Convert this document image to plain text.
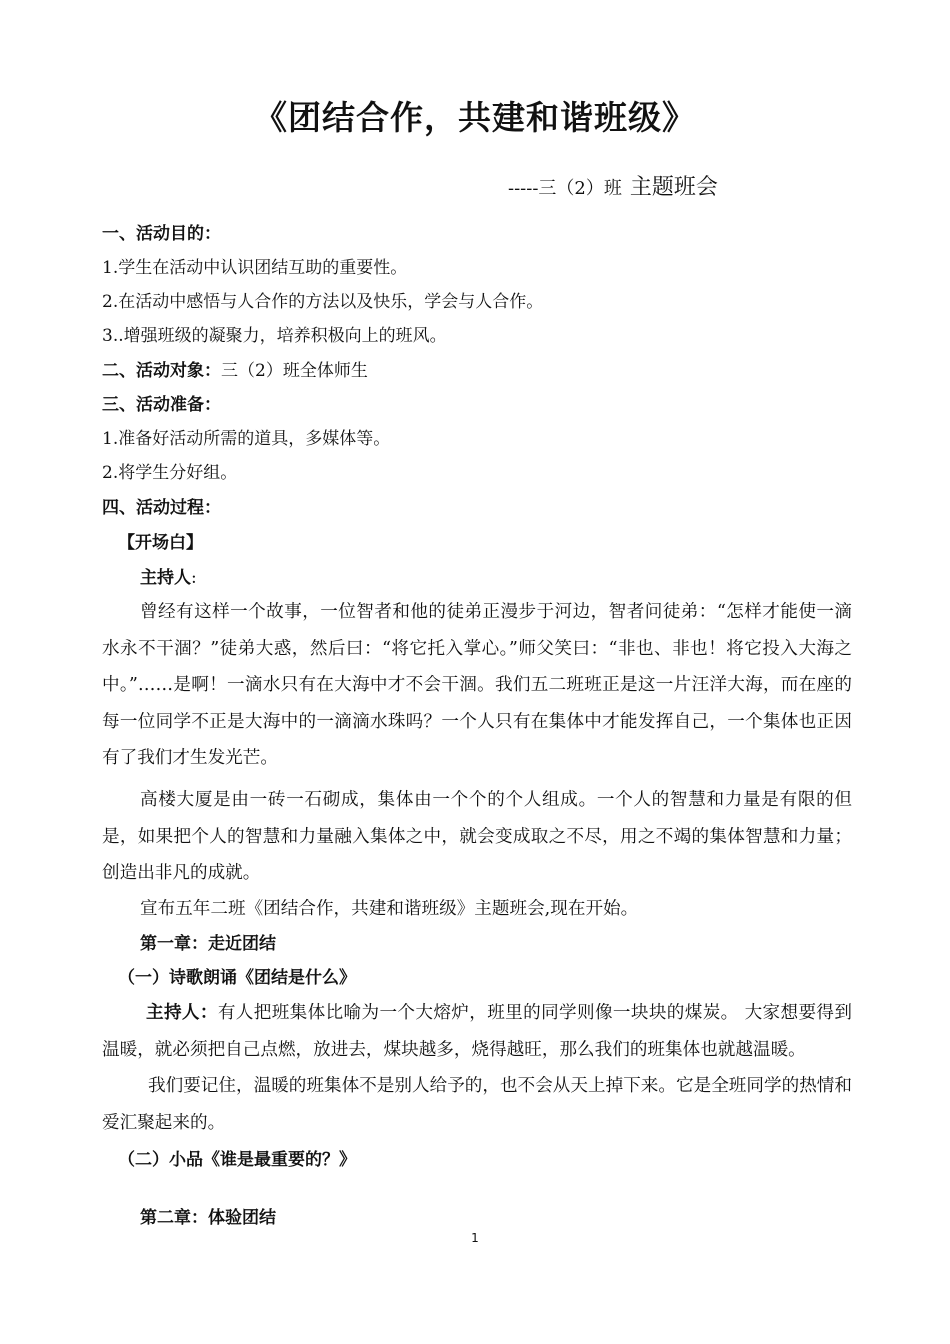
《团结合作，共建和谐班级》
-----三（2）班 主题班会
一、活动目的：
1.学生在活动中认识团结互助的重要性。
2.在活动中感悟与人合作的方法以及快乐，学会与人合作。
3..增强班级的凝聚力，培养积极向上的班风。
二、活动对象：三（2）班全体师生
三、活动准备：
1.准备好活动所需的道具，多媒体等。
2.将学生分好组。
四、活动过程：
【开场白】
主持人:
曾经有这样一个故事，一位智者和他的徒弟正漫步于河边，智者问徒弟：“怎样才能使一滴水永不干涸？”徒弟大惑，然后曰：“将它托入掌心。”师父笑曰：“非也、非也！将它投入大海之中。”……是啊！一滴水只有在大海中才不会干涸。我们五二班班正是这一片汪洋大海，而在座的每一位同学不正是大海中的一滴滴水珠吗？一个人只有在集体中才能发挥自己，一个集体也正因有了我们才生发光芒。
高楼大厦是由一砖一石砌成，集体由一个个的个人组成。一个人的智慧和力量是有限的但是，如果把个人的智慧和力量融入集体之中，就会变成取之不尽，用之不竭的集体智慧和力量；创造出非凡的成就。
宣布五年二班《团结合作，共建和谐班级》主题班会,现在开始。
第一章：走近团结
（一）诗歌朗诵《团结是什么》
主持人：有人把班集体比喻为一个大熔炉，班里的同学则像一块块的煤炭。 大家想要得到温暖，就必须把自己点燃，放进去，煤块越多，烧得越旺，那么我们的班集体也就越温暖。
我们要记住，温暖的班集体不是别人给予的，也不会从天上掉下来。它是全班同学的热情和爱汇聚起来的。
（二）小品《谁是最重要的？》
第二章：体验团结
1
